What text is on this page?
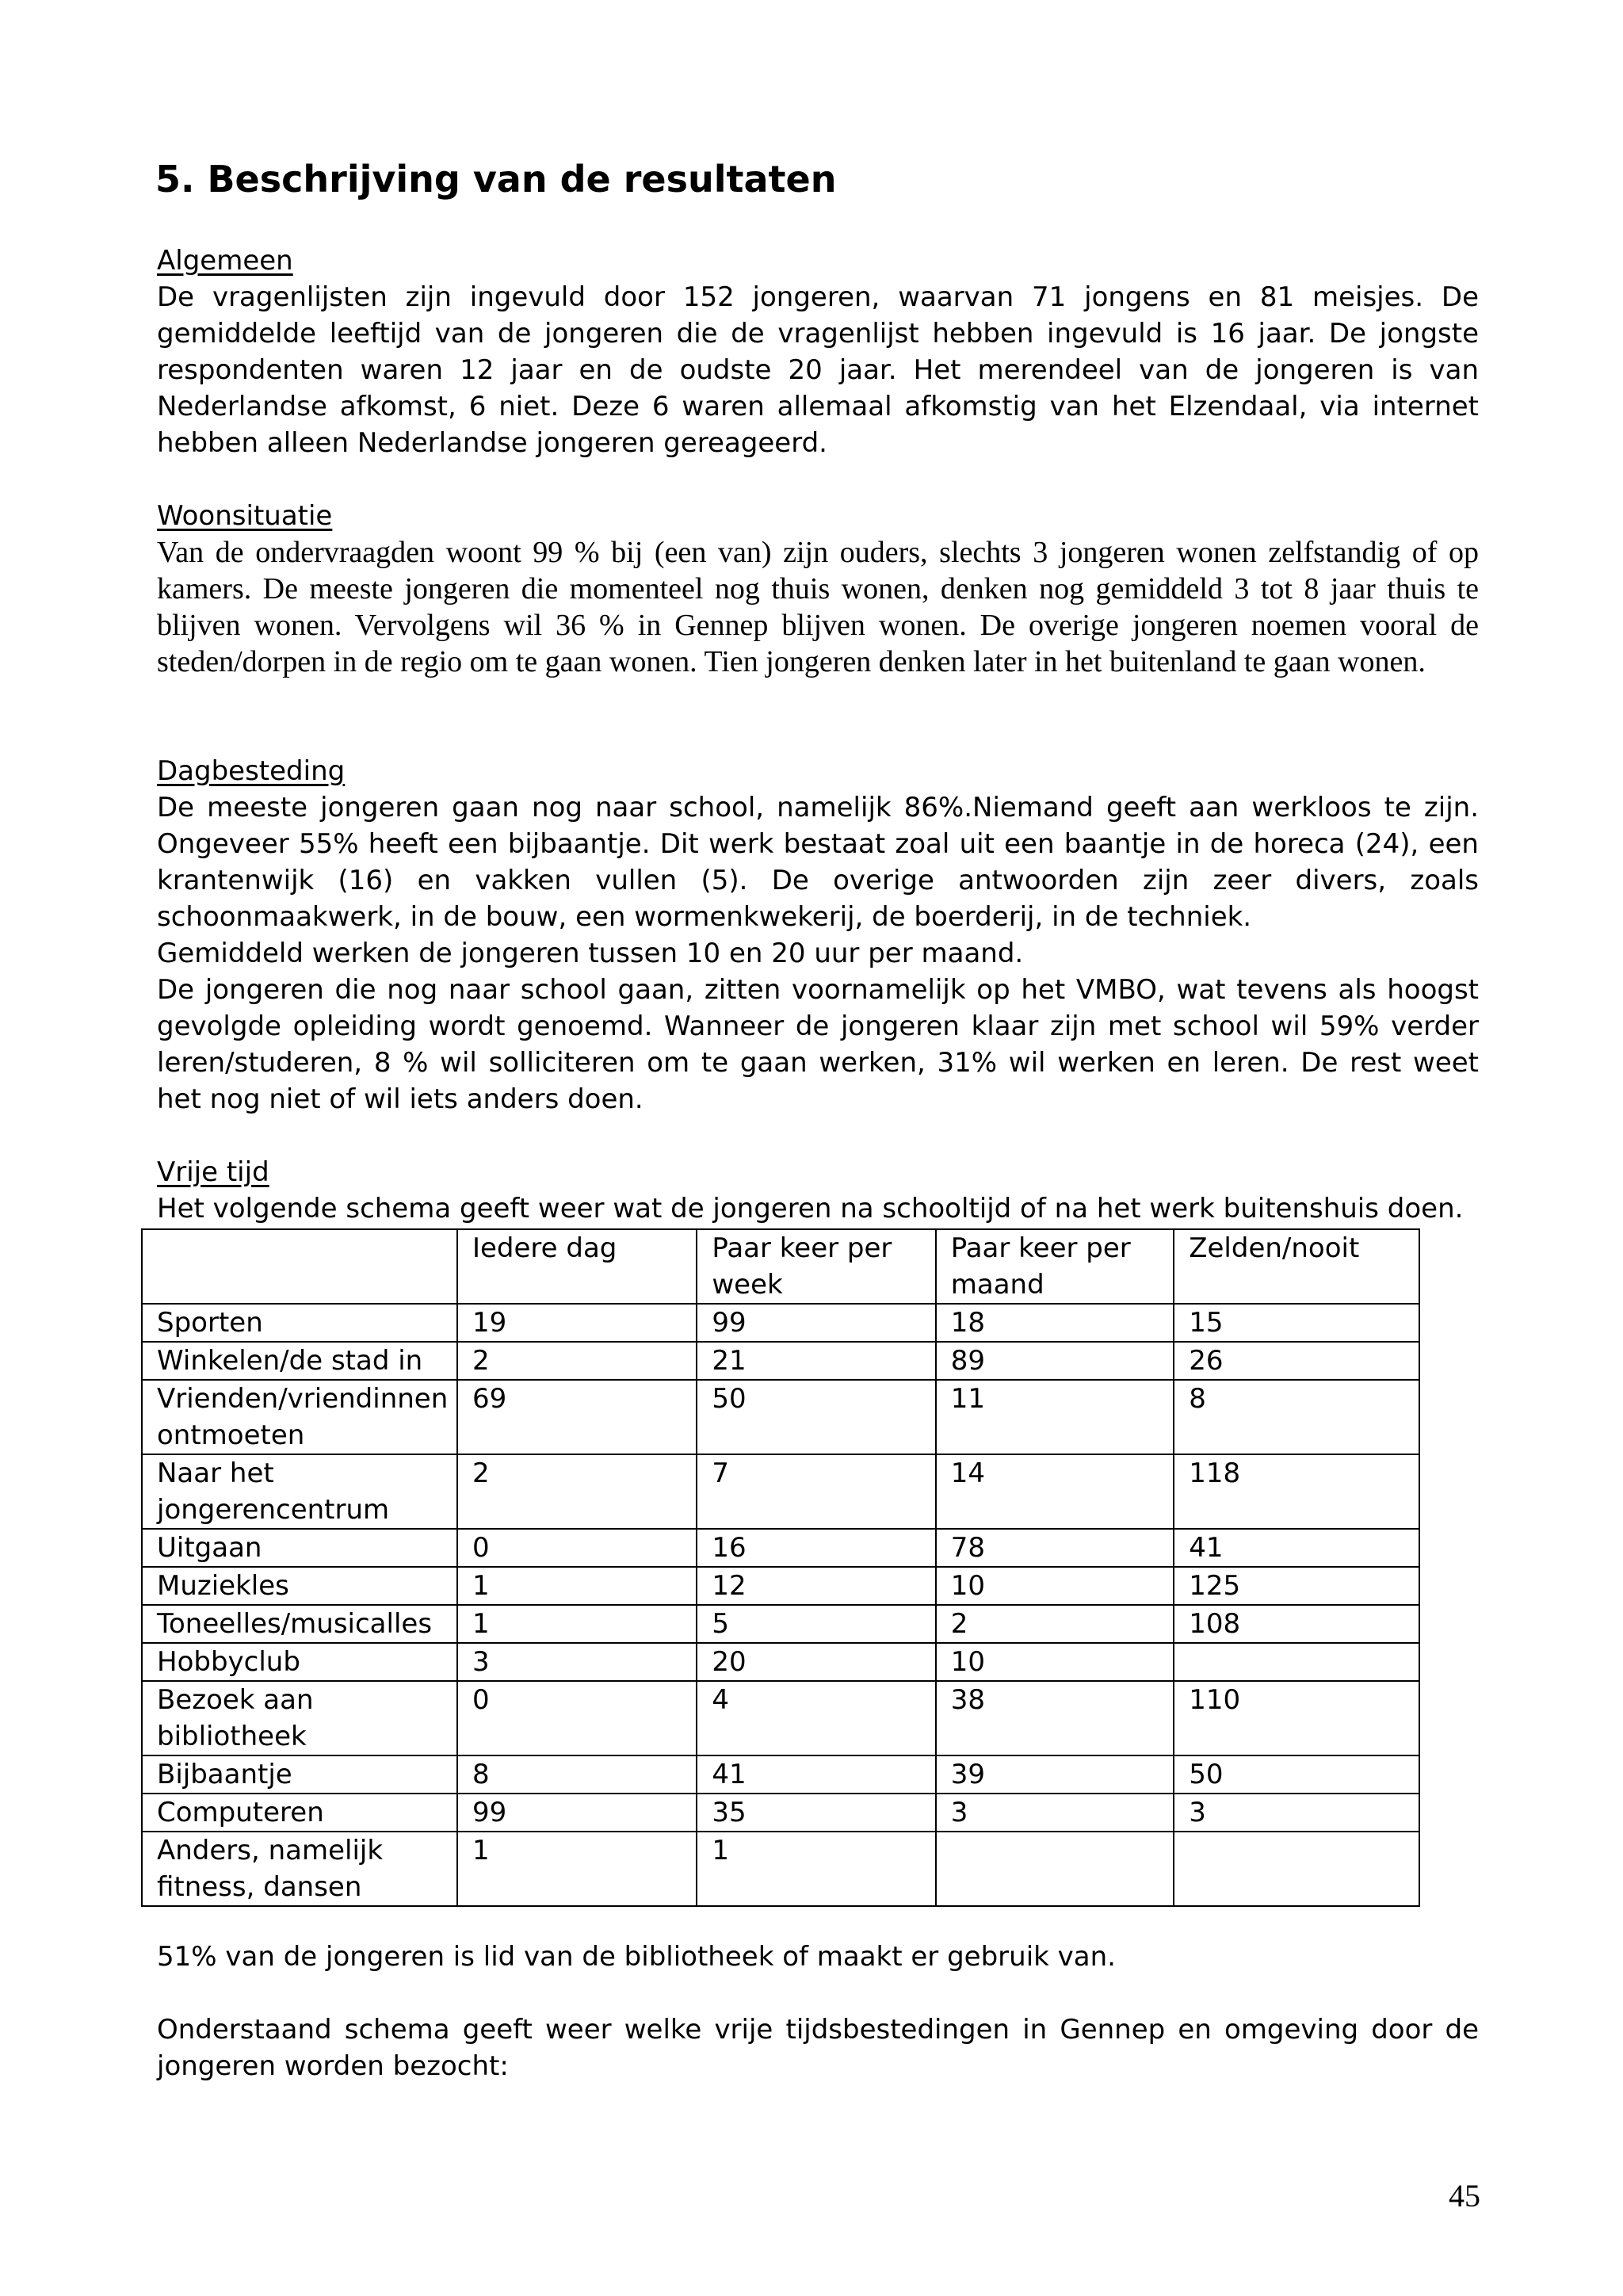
5. Beschrijving van de resultaten

Algemeen

De vragenlijsten zijn ingevuld door 152 jongeren, waarvan 71 jongens en 81 meisjes. De gemiddelde leeftijd van de jongeren die de vragenlijst hebben ingevuld is 16 jaar. De jongste respondenten waren 12 jaar en de oudste 20 jaar. Het merendeel van de jongeren is van Nederlandse afkomst, 6 niet. Deze 6 waren allemaal afkomstig van het Elzendaal, via internet hebben alleen Nederlandse jongeren gereageerd.

Woonsituatie

Van de ondervraagden woont 99 % bij (een van) zijn ouders, slechts 3 jongeren wonen zelfstandig of op kamers. De meeste jongeren die momenteel nog thuis wonen, denken nog gemiddeld 3 tot 8 jaar thuis te blijven wonen. Vervolgens wil 36 % in Gennep blijven wonen. De overige jongeren noemen vooral de steden/dorpen in de regio om te gaan wonen. Tien jongeren denken later in het buitenland te gaan wonen.

Dagbesteding

De meeste jongeren gaan nog naar school, namelijk 86%.Niemand geeft aan werkloos te zijn. Ongeveer 55% heeft een bijbaantje. Dit werk bestaat zoal uit een baantje in de horeca (24), een krantenwijk (16) en vakken vullen (5). De overige antwoorden zijn zeer divers, zoals schoonmaakwerk, in de bouw, een wormenkwekerij, de boerderij, in de techniek.

Gemiddeld werken de jongeren tussen 10 en 20 uur per maand.

De jongeren die nog naar school gaan, zitten voornamelijk op het VMBO, wat tevens als hoogst gevolgde opleiding wordt genoemd. Wanneer de jongeren klaar zijn met school wil 59% verder leren/studeren, 8 % wil solliciteren om te gaan werken, 31% wil werken en leren. De rest weet het nog niet of wil iets anders doen.

Vrije tijd

Het volgende schema geeft weer wat de jongeren na schooltijd of na het werk buitenshuis doen.

	Iedere dag	Paar keer per week	Paar keer per maand	Zelden/nooit
Sporten	19	99	18	15
Winkelen/de stad in	2	21	89	26
Vrienden/vriendinnen ontmoeten	69	50	11	8
Naar het jongerencentrum	2	7	14	118
Uitgaan	0	16	78	41
Muziekles	1	12	10	125
Toneelles/musicalles	1	5	2	108
Hobbyclub	3	20	10	
Bezoek aan bibliotheek	0	4	38	110
Bijbaantje	8	41	39	50
Computeren	99	35	3	3
Anders, namelijk fitness, dansen	1	1		

51% van de jongeren is lid van de bibliotheek of maakt er gebruik van.

Onderstaand schema geeft weer welke vrije tijdsbestedingen in Gennep en omgeving door de jongeren worden bezocht:

45
